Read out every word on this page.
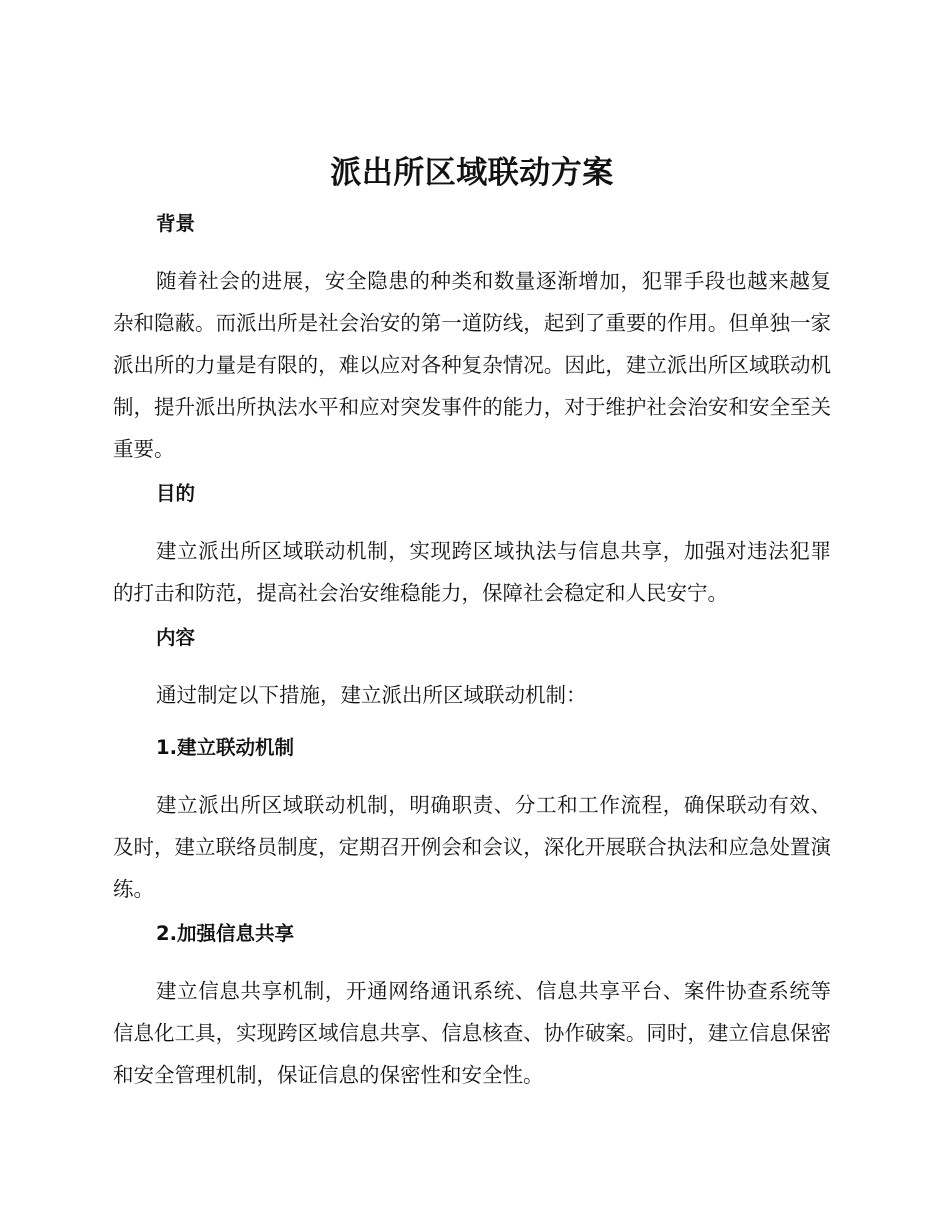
派出所区域联动方案
背景

随着社会的进展，安全隐患的种类和数量逐渐增加，犯罪手段也越来越复杂和隐蔽。而派出所是社会治安的第一道防线，起到了重要的作用。但单独一家派出所的力量是有限的，难以应对各种复杂情况。因此，建立派出所区域联动机制，提升派出所执法水平和应对突发事件的能力，对于维护社会治安和安全至关重要。

目的

建立派出所区域联动机制，实现跨区域执法与信息共享，加强对违法犯罪的打击和防范，提高社会治安维稳能力，保障社会稳定和人民安宁。

内容

通过制定以下措施，建立派出所区域联动机制：

1.建立联动机制

建立派出所区域联动机制，明确职责、分工和工作流程，确保联动有效、及时，建立联络员制度，定期召开例会和会议，深化开展联合执法和应急处置演练。

2.加强信息共享

建立信息共享机制，开通网络通讯系统、信息共享平台、案件协查系统等信息化工具，实现跨区域信息共享、信息核查、协作破案。同时，建立信息保密和安全管理机制，保证信息的保密性和安全性。
